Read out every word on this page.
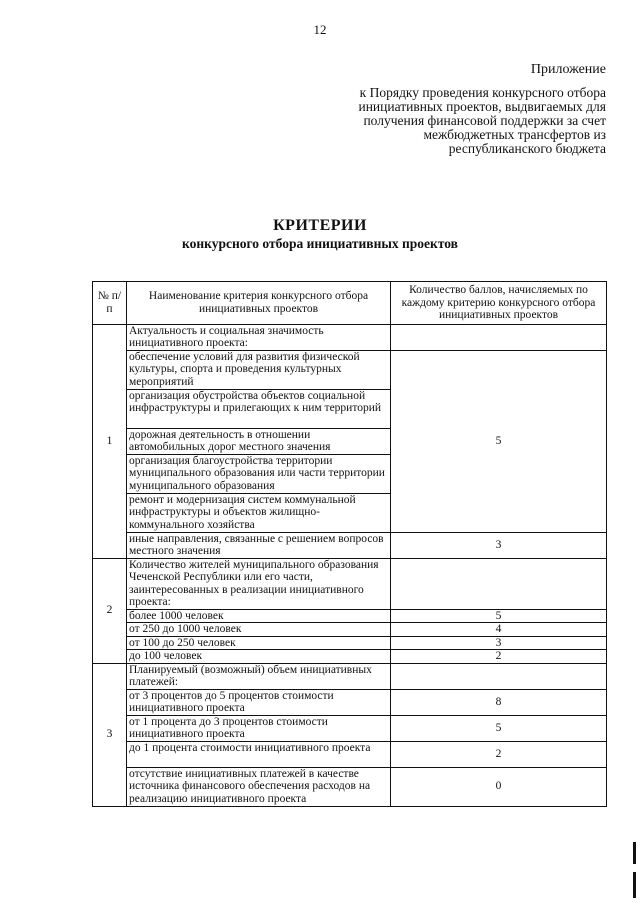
12
Приложение
к Порядку проведения конкурсного отбора инициативных проектов, выдвигаемых для получения финансовой поддержки за счет межбюджетных трансфертов из республиканского бюджета
КРИТЕРИИ
конкурсного отбора инициативных проектов
№ п/п	Наименование критерия конкурсного отбора инициативных проектов	Количество баллов, начисляемых по каждому критерию конкурсного отбора инициативных проектов
1	Актуальность и социальная значимость инициативного проекта:	
	обеспечение условий для развития физической культуры, спорта и проведения культурных мероприятий	5
	организация обустройства объектов социальной инфраструктуры и прилегающих к ним территорий	
	дорожная деятельность в отношении автомобильных дорог местного значения	
	организация благоустройства территории муниципального образования или части территории муниципального образования	
	ремонт и модернизация систем коммунальной инфраструктуры и объектов жилищно-коммунального хозяйства	
	иные направления, связанные с решением вопросов местного значения	3
2	Количество жителей муниципального образования Чеченской Республики или его части, заинтересованных в реализации инициативного проекта:	
	более 1000 человек	5
	от 250 до 1000 человек	4
	от 100 до 250 человек	3
	до 100 человек	2
3	Планируемый (возможный) объем инициативных платежей:	
	от 3 процентов до 5 процентов стоимости инициативного проекта	8
	от 1 процента до 3 процентов стоимости инициативного проекта	5
	до 1 процента стоимости инициативного проекта	2
	отсутствие инициативных платежей в качестве источника финансового обеспечения расходов на реализацию инициативного проекта	0
